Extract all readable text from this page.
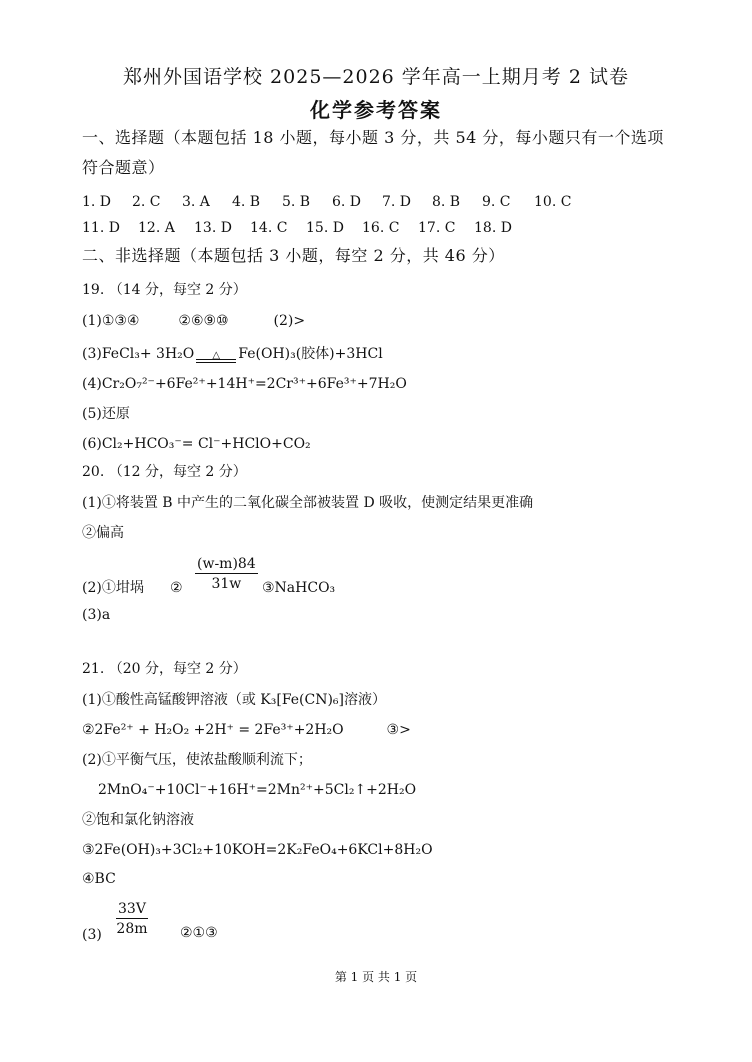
郑州外国语学校 2025—2026 学年高一上期月考 2 试卷
化学参考答案
一、选择题（本题包括 18 小题，每小题 3 分，共 54 分，每小题只有一个选项
符合题意）
1. D 2. C 3. A 4. B 5. B 6. D 7. D 8. B 9. C 10. C
11. D 12. A 13. D 14. C 15. D 16. C 17. C 18. D
二、非选择题（本题包括 3 小题，每空 2 分，共 46 分）
19. （14 分，每空 2 分）
(1)①③④	②⑥⑨⑩	(2)>
(3)FeCl₃+ 3H₂O △ Fe(OH)₃(胶体)+3HCl
(4)Cr₂O₇²⁻+6Fe²⁺+14H⁺=2Cr³⁺+6Fe³⁺+7H₂O
(5)还原
(6)Cl₂+HCO₃⁻= Cl⁻+HClO+CO₂
20. （12 分，每空 2 分）
(1)①将装置 B 中产生的二氧化碳全部被装置 D 吸收，使测定结果更准确
②偏高
(2)①坩埚 ② $\frac{(w-m)84}{31w}$ ③NaHCO₃
(3)a
21. （20 分，每空 2 分）
(1)①酸性高锰酸钾溶液（或 K₃[Fe(CN)₆]溶液）
②2Fe²⁺ + H₂O₂ +2H⁺ = 2Fe³⁺+2H₂O	③>
(2)①平衡气压，使浓盐酸顺利流下；
2MnO₄⁻+10Cl⁻+16H⁺=2Mn²⁺+5Cl₂↑+2H₂O
②饱和氯化钠溶液
③2Fe(OH)₃+3Cl₂+10KOH=2K₂FeO₄+6KCl+8H₂O
④BC
$(3) \frac{33V}{28m}$ ②①③
第 1 页 共 1 页
